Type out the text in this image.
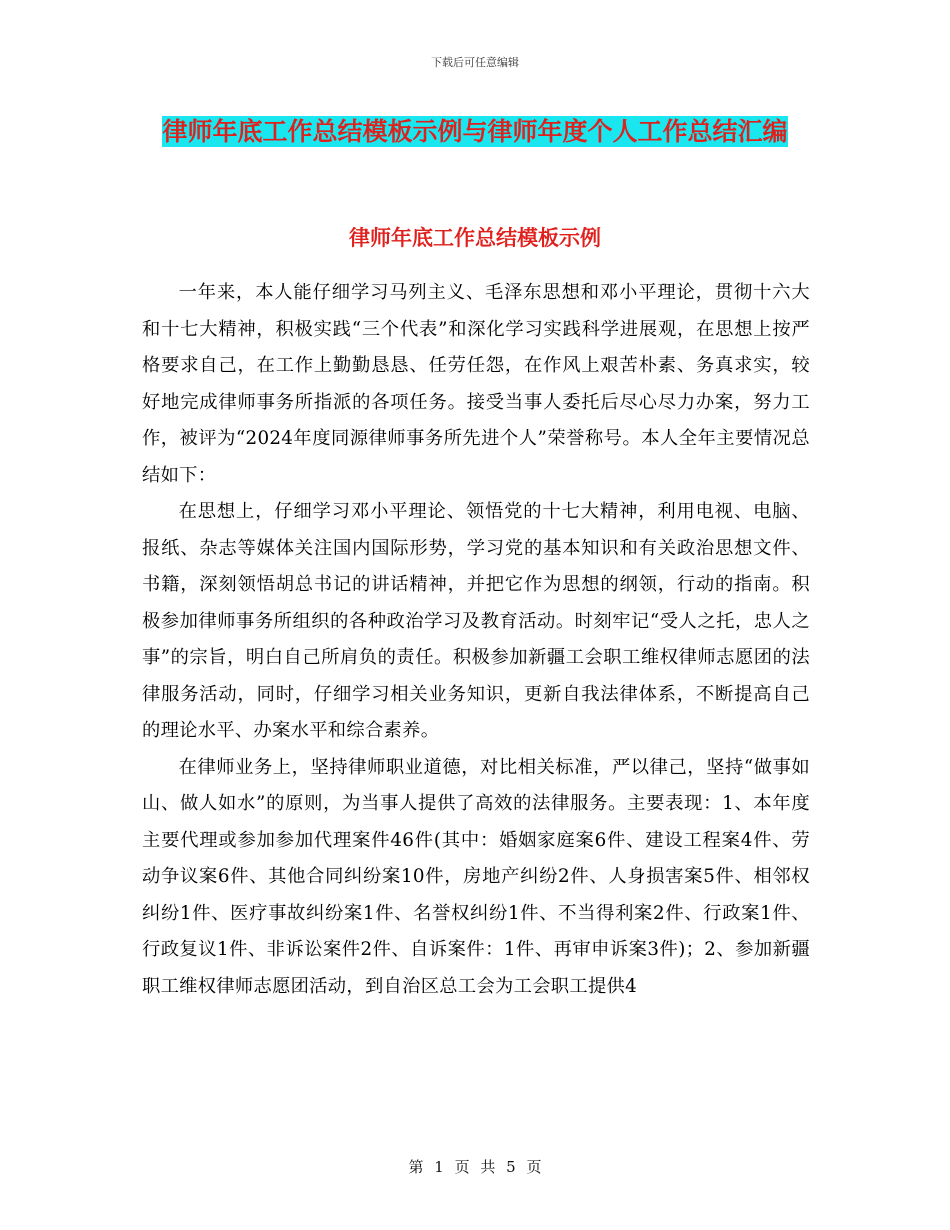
下载后可任意编辑
律师年底工作总结模板示例与律师年度个人工作总结汇编
律师年底工作总结模板示例

一年来，本人能仔细学习马列主义、毛泽东思想和邓小平理论，贯彻十六大和十七大精神，积极实践“三个代表”和深化学习实践科学进展观，在思想上按严格要求自己，在工作上勤勤恳恳、任劳任怨，在作风上艰苦朴素、务真求实，较好地完成律师事务所指派的各项任务。接受当事人委托后尽心尽力办案，努力工作，被评为“2024年度同源律师事务所先进个人”荣誉称号。本人全年主要情况总结如下：

在思想上，仔细学习邓小平理论、领悟党的十七大精神，利用电视、电脑、报纸、杂志等媒体关注国内国际形势，学习党的基本知识和有关政治思想文件、书籍，深刻领悟胡总书记的讲话精神，并把它作为思想的纲领，行动的指南。积极参加律师事务所组织的各种政治学习及教育活动。时刻牢记“受人之托，忠人之事”的宗旨，明白自己所肩负的责任。积极参加新疆工会职工维权律师志愿团的法律服务活动，同时，仔细学习相关业务知识，更新自我法律体系，不断提高自己的理论水平、办案水平和综合素养。

在律师业务上，坚持律师职业道德，对比相关标准，严以律己，坚持“做事如山、做人如水”的原则，为当事人提供了高效的法律服务。主要表现：1、本年度主要代理或参加参加代理案件46件(其中：婚姻家庭案6件、建设工程案4件、劳动争议案6件、其他合同纠纷案10件，房地产纠纷2件、人身损害案5件、相邻权纠纷1件、医疗事故纠纷案1件、名誉权纠纷1件、不当得利案2件、行政案1件、行政复议1件、非诉讼案件2件、自诉案件：1件、再审申诉案3件)；2、参加新疆职工维权律师志愿团活动，到自治区总工会为工会职工提供4

第 1 页 共 5 页
